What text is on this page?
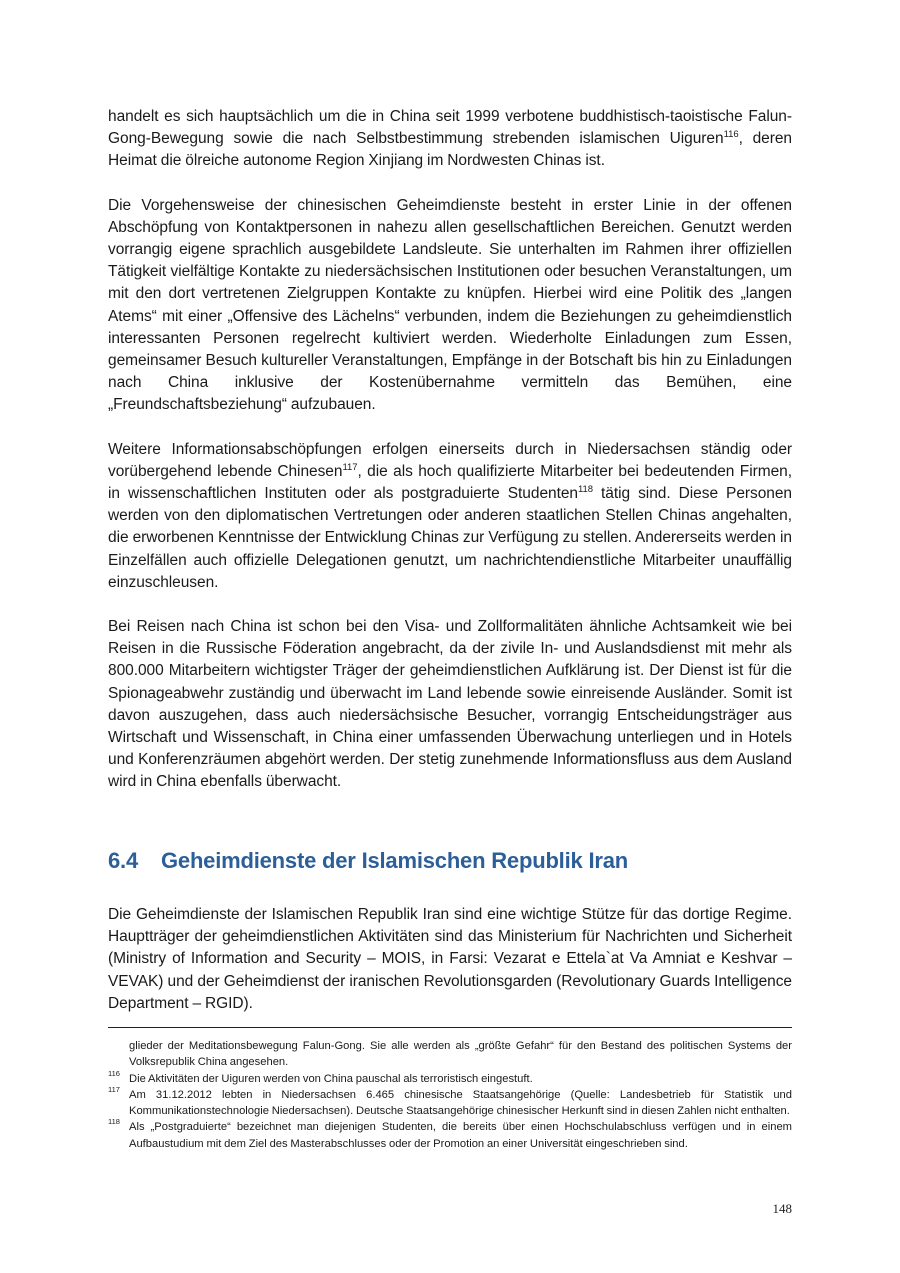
handelt es sich hauptsächlich um die in China seit 1999 verbotene buddhistisch-taoistische Falun-Gong-Bewegung sowie die nach Selbstbestimmung strebenden islamischen Uiguren$^{116}$, deren Heimat die ölreiche autonome Region Xinjiang im Nordwesten Chinas ist.

Die Vorgehensweise der chinesischen Geheimdienste besteht in erster Linie in der offenen Abschöpfung von Kontaktpersonen in nahezu allen gesellschaftlichen Bereichen. Genutzt werden vorrangig eigene sprachlich ausgebildete Landsleute. Sie unterhalten im Rahmen ihrer offiziellen Tätigkeit vielfältige Kontakte zu niedersächsischen Institutionen oder besuchen Veranstaltungen, um mit den dort vertretenen Zielgruppen Kontakte zu knüpfen. Hierbei wird eine Politik des „langen Atems“ mit einer „Offensive des Lächelns“ verbunden, indem die Beziehungen zu geheimdienstlich interessanten Personen regelrecht kultiviert werden. Wiederholte Einladungen zum Essen, gemeinsamer Besuch kultureller Veranstaltungen, Empfänge in der Botschaft bis hin zu Einladungen nach China inklusive der Kostenübernahme vermitteln das Bemühen, eine „Freundschaftsbeziehung“ aufzubauen.

Weitere Informationsabschöpfungen erfolgen einerseits durch in Niedersachsen ständig oder vorübergehend lebende Chinesen$^{117}$, die als hoch qualifizierte Mitarbeiter bei bedeutenden Firmen, in wissenschaftlichen Instituten oder als postgraduierte Studenten$^{118}$ tätig sind. Diese Personen werden von den diplomatischen Vertretungen oder anderen staatlichen Stellen Chinas angehalten, die erworbenen Kenntnisse der Entwicklung Chinas zur Verfügung zu stellen. Andererseits werden in Einzelfällen auch offizielle Delegationen genutzt, um nachrichtendienstliche Mitarbeiter unauffällig einzuschleusen.

Bei Reisen nach China ist schon bei den Visa- und Zollformalitäten ähnliche Achtsamkeit wie bei Reisen in die Russische Föderation angebracht, da der zivile In- und Auslandsdienst mit mehr als 800.000 Mitarbeitern wichtigster Träger der geheimdienstlichen Aufklärung ist. Der Dienst ist für die Spionageabwehr zuständig und überwacht im Land lebende sowie einreisende Ausländer. Somit ist davon auszugehen, dass auch niedersächsische Besucher, vorrangig Entscheidungsträger aus Wirtschaft und Wissenschaft, in China einer umfassenden Überwachung unterliegen und in Hotels und Konferenzräumen abgehört werden. Der stetig zunehmende Informationsfluss aus dem Ausland wird in China ebenfalls überwacht.

6.4 Geheimdienste der Islamischen Republik Iran

Die Geheimdienste der Islamischen Republik Iran sind eine wichtige Stütze für das dortige Regime. Hauptträger der geheimdienstlichen Aktivitäten sind das Ministerium für Nachrichten und Sicherheit (Ministry of Information and Security – MOIS, in Farsi: Vezarat e Ettela`at Va Amniat e Keshvar – VEVAK) und der Geheimdienst der iranischen Revolutionsgarden (Revolutionary Guards Intelligence Department – RGID).

glieder der Meditationsbewegung Falun-Gong. Sie alle werden als „größte Gefahr“ für den Bestand des politischen Systems der Volksrepublik China angesehen.
116 Die Aktivitäten der Uiguren werden von China pauschal als terroristisch eingestuft.
117 Am 31.12.2012 lebten in Niedersachsen 6.465 chinesische Staatsangehörige (Quelle: Landesbetrieb für Statistik und Kommunikationstechnologie Niedersachsen). Deutsche Staatsangehörige chinesischer Herkunft sind in diesen Zahlen nicht enthalten.
118 Als „Postgraduierte“ bezeichnet man diejenigen Studenten, die bereits über einen Hochschulabschluss verfügen und in einem Aufbaustudium mit dem Ziel des Masterabschlusses oder der Promotion an einer Universität eingeschrieben sind.
148
